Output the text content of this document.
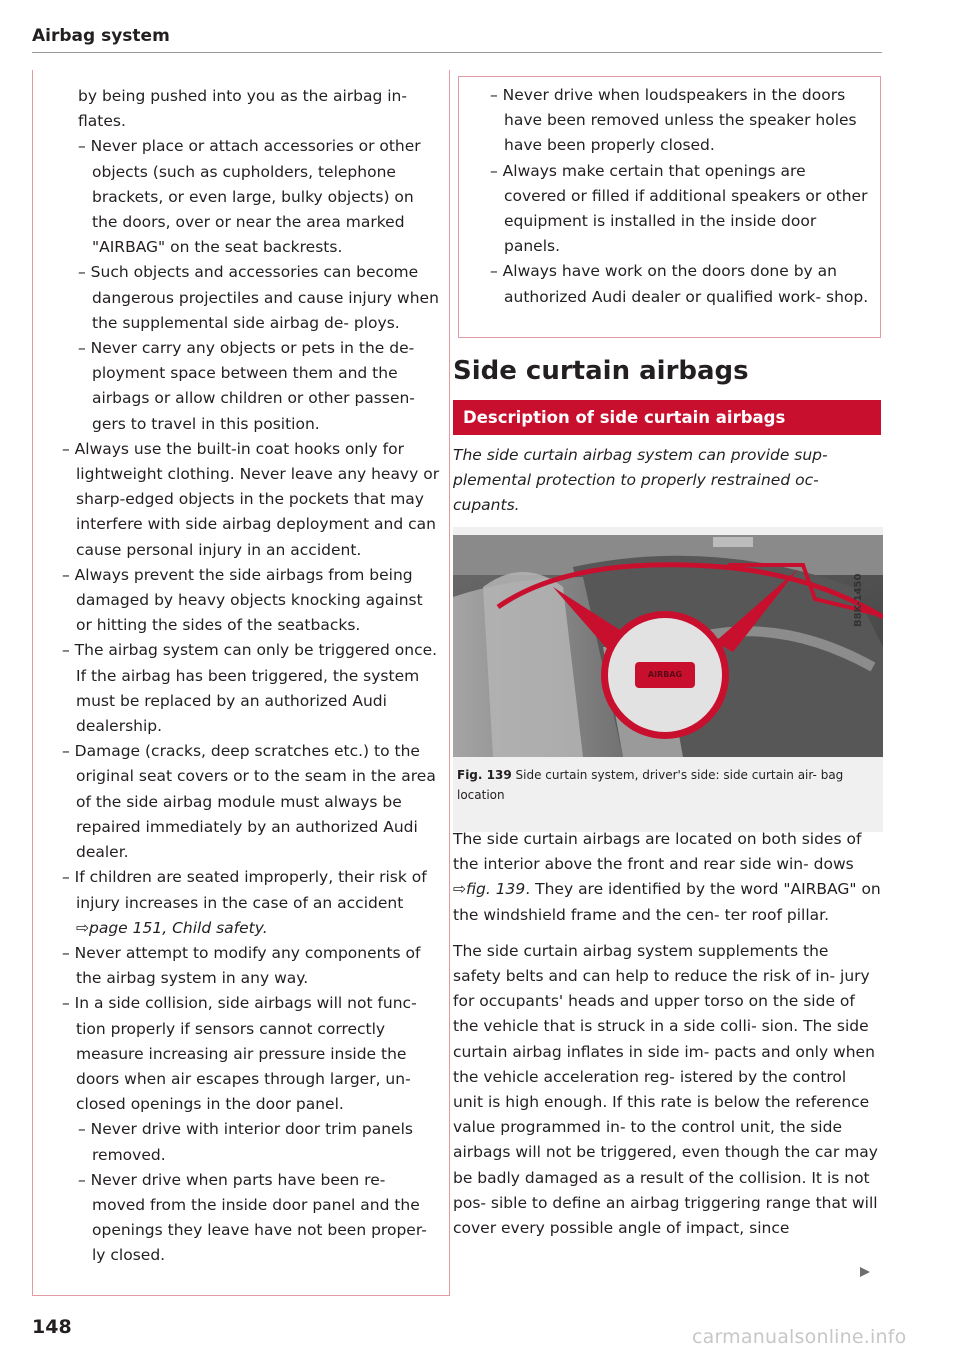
Airbag system

by being pushed into you as the airbag in- flates.

– Never place or attach accessories or other objects (such as cupholders, telephone brackets, or even large, bulky objects) on the doors, over or near the area marked "AIRBAG" on the seat backrests.

– Such objects and accessories can become dangerous projectiles and cause injury when the supplemental side airbag de- ploys.

– Never carry any objects or pets in the de- ployment space between them and the airbags or allow children or other passen- gers to travel in this position.

– Always use the built-in coat hooks only for lightweight clothing. Never leave any heavy or sharp-edged objects in the pockets that may interfere with side airbag deployment and can cause personal injury in an accident.

– Always prevent the side airbags from being damaged by heavy objects knocking against or hitting the sides of the seatbacks.

– The airbag system can only be triggered once. If the airbag has been triggered, the system must be replaced by an authorized Audi dealership.

– Damage (cracks, deep scratches etc.) to the original seat covers or to the seam in the area of the side airbag module must always be repaired immediately by an authorized Audi dealer.

– If children are seated improperly, their risk of injury increases in the case of an accident ⇨page 151, Child safety.

– Never attempt to modify any components of the airbag system in any way.

– In a side collision, side airbags will not func- tion properly if sensors cannot correctly measure increasing air pressure inside the doors when air escapes through larger, un- closed openings in the door panel.

– Never drive with interior door trim panels removed.

– Never drive when parts have been re- moved from the inside door panel and the openings they leave have not been proper- ly closed.

– Never drive when loudspeakers in the doors have been removed unless the speaker holes have been properly closed.

– Always make certain that openings are covered or filled if additional speakers or other equipment is installed in the inside door panels.

– Always have work on the doors done by an authorized Audi dealer or qualified work- shop.

Side curtain airbags
Description of side curtain airbags
The side curtain airbag system can provide sup- plemental protection to properly restrained oc- cupants.
AIRBAG
B8K-1450
Fig. 139 Side curtain system, driver's side: side curtain air- bag location

The side curtain airbags are located on both sides of the interior above the front and rear side win- dows ⇨fig. 139. They are identified by the word "AIRBAG" on the windshield frame and the cen- ter roof pillar.

The side curtain airbag system supplements the safety belts and can help to reduce the risk of in- jury for occupants' heads and upper torso on the side of the vehicle that is struck in a side colli- sion. The side curtain airbag inflates in side im- pacts and only when the vehicle acceleration reg- istered by the control unit is high enough. If this rate is below the reference value programmed in- to the control unit, the side airbags will not be triggered, even though the car may be badly damaged as a result of the collision. It is not pos- sible to define an airbag triggering range that will cover every possible angle of impact, since

148	carmanualsonline.info
